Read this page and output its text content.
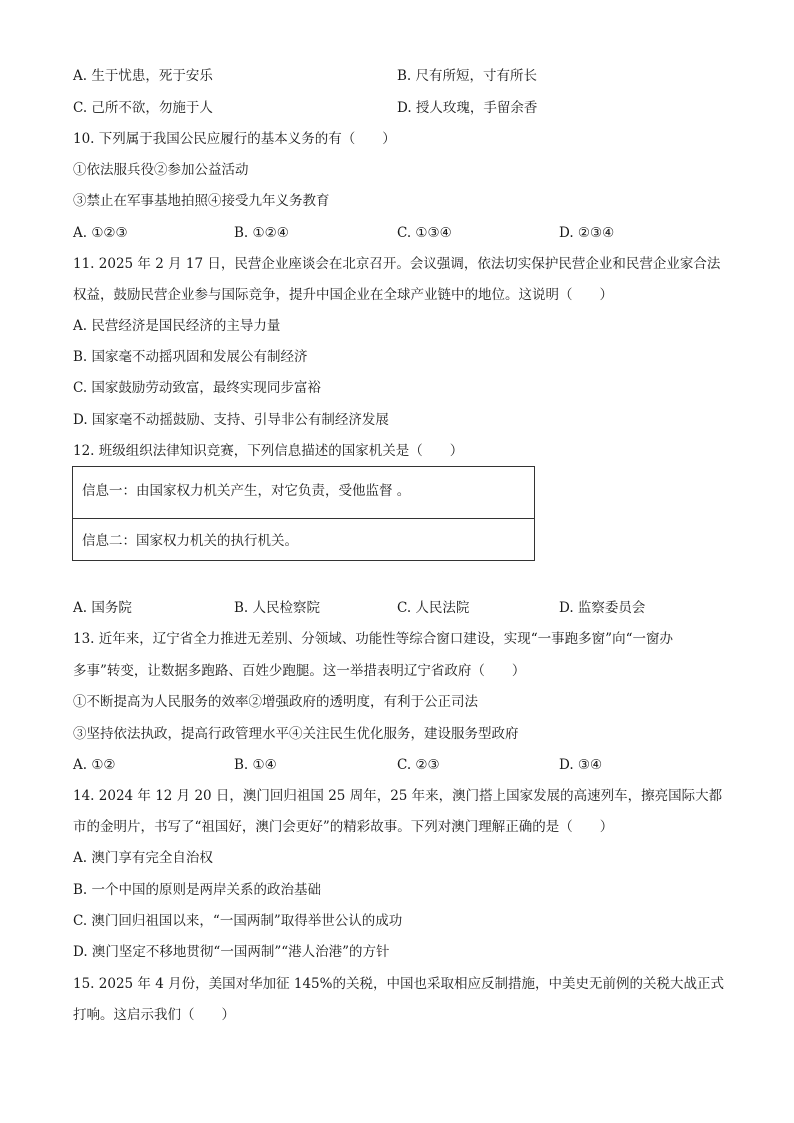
A. 生于忧患，死于安乐	B. 尺有所短，寸有所长
C. 己所不欲，勿施于人	D. 授人玫瑰，手留余香
10. 下列属于我国公民应履行的基本义务的有（　　）
①依法服兵役②参加公益活动
③禁止在军事基地拍照④接受九年义务教育
A. ①②③	B. ①②④	C. ①③④	D. ②③④
11. 2025 年 2 月 17 日，民营企业座谈会在北京召开。会议强调，依法切实保护民营企业和民营企业家合法
权益，鼓励民营企业参与国际竞争，提升中国企业在全球产业链中的地位。这说明（　　）
A. 民营经济是国民经济的主导力量
B. 国家毫不动摇巩固和发展公有制经济
C. 国家鼓励劳动致富，最终实现同步富裕
D. 国家毫不动摇鼓励、支持、引导非公有制经济发展
12. 班级组织法律知识竞赛，下列信息描述的国家机关是（　　）
信息一：由国家权力机关产生，对它负责，受他监督 。
信息二：国家权力机关的执行机关。
A. 国务院	B. 人民检察院	C. 人民法院	D. 监察委员会
13. 近年来，辽宁省全力推进无差别、分领域、功能性等综合窗口建设，实现“一事跑多窗”向“一窗办
多事”转变，让数据多跑路、百姓少跑腿。这一举措表明辽宁省政府（　　）
①不断提高为人民服务的效率②增强政府的透明度，有利于公正司法
③坚持依法执政，提高行政管理水平④关注民生优化服务，建设服务型政府
A. ①②	B. ①④	C. ②③	D. ③④
14. 2024 年 12 月 20 日，澳门回归祖国 25 周年，25 年来，澳门搭上国家发展的高速列车，擦亮国际大都
市的金明片，书写了“祖国好，澳门会更好”的精彩故事。下列对澳门理解正确的是（　　）
A. 澳门享有完全自治权
B. 一个中国的原则是两岸关系的政治基础
C. 澳门回归祖国以来，“一国两制”取得举世公认的成功
D. 澳门坚定不移地贯彻“一国两制”“港人治港”的方针
15. 2025 年 4 月份，美国对华加征 145%的关税，中国也采取相应反制措施，中美史无前例的关税大战正式
打响。这启示我们（　　）
